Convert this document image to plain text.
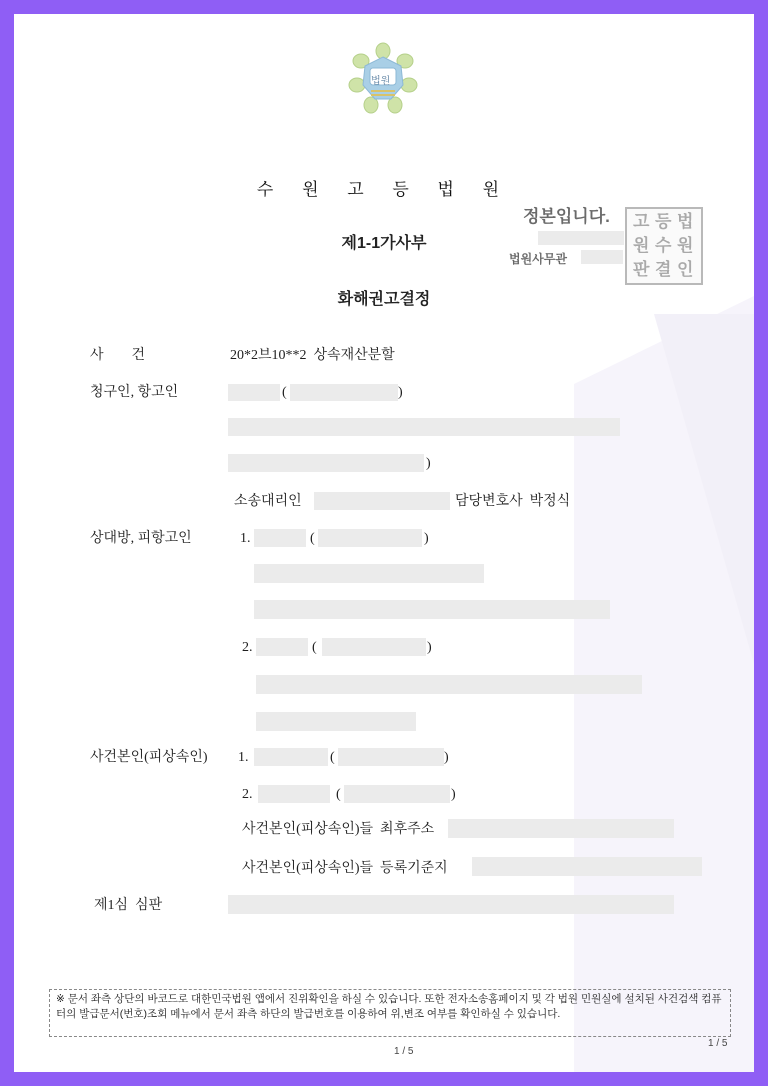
법원
수 원 고 등 법 원
정본입니다.
법원사무관
고 등 법
원 수 원
판 결 인
제1-1가사부
화해권고결정
사        건	20*2브10**2  상속재산분할
청구인, 항고인	(	)
)
소송대리인	담당변호사  박정식
상대방, 피항고인	1.	(	)
2.	(	)
사건본인(피상속인) 1.	(	)
2.	(	)
사건본인(피상속인)들  최후주소
사건본인(피상속인)들  등록기준지
제1심  심판
※ 문서 좌측 상단의 바코드로 대한민국법원 앱에서 진위확인을 하실 수 있습니다. 또한 전자소송홈페이지 및 각 법원 민원실에 설치된 사건검색 컴퓨터의 발급문서(번호)조회 메뉴에서 문서 좌측 하단의 발급번호를 이용하여 위,변조 여부를 확인하실 수 있습니다.
1 / 5
1 / 5
